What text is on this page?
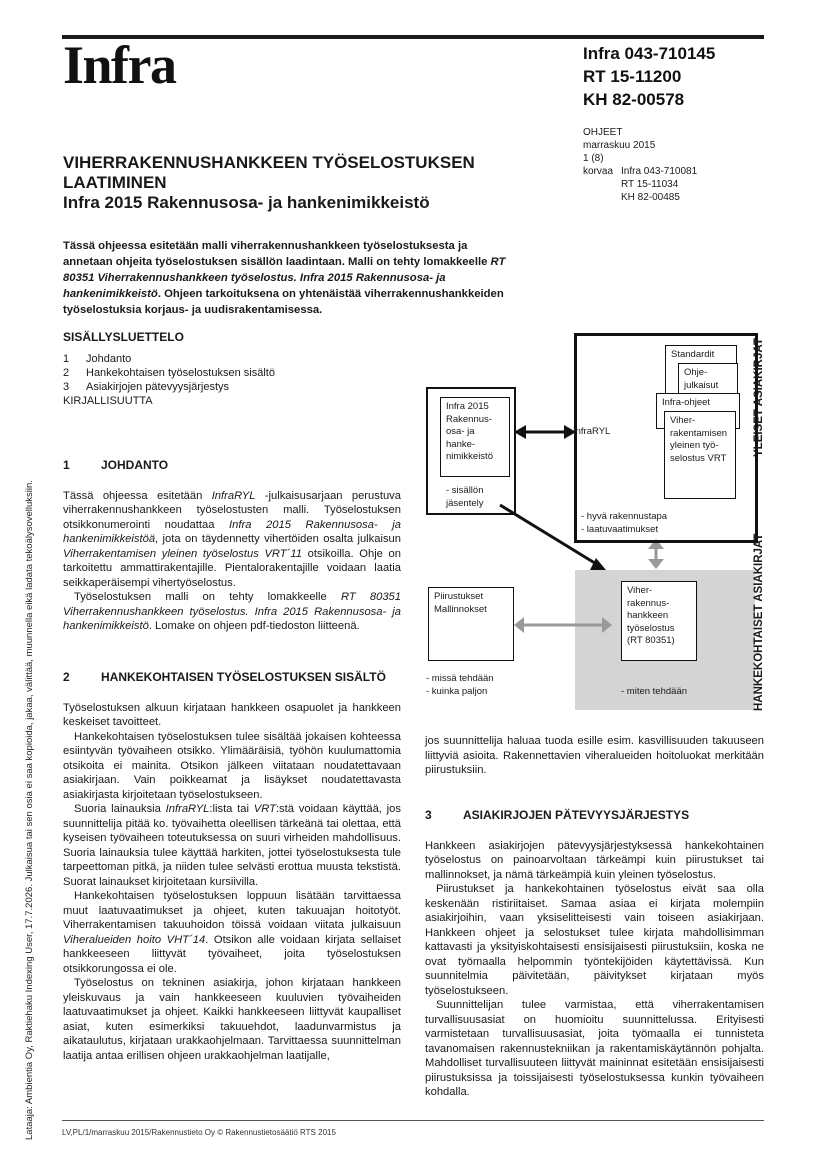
Infra	Infra 043-710145
RT 15-11200
KH 82-00578
OHJEET
marraskuu 2015
1 (8)
korvaa Infra 043-710081
RT 15-11034
KH 82-00485
VIHERRAKENNUSHANKKEEN TYÖSELOSTUKSEN
LAATIMINEN
Infra 2015 Rakennusosa- ja hankenimikkeistö
Tässä ohjeessa esitetään malli viherrakennushankkeen työselostuksesta ja annetaan ohjeita työselostuksen sisällön laadintaan. Malli on tehty lomakkeelle RT 80351 Viherrakennushankkeen työselostus. Infra 2015 Rakennusosa- ja hankenimikkeistö. Ohjeen tarkoituksena on yhtenäistää viherrakennushankkeiden työselostuksia korjaus- ja uudisrakentamisessa.
SISÄLLYSLUETTELO
1	Johdanto
2	Hankekohtaisen työselostuksen sisältö
3	Asiakirjojen pätevyysjärjestys
KIRJALLISUUTTA
Lataaja: Ambientia Oy, Raktiehaku Indexing User, 17.7.2026. Julkaisua tai sen osia ei saa kopioida, jakaa, välittää, muunnella eikä ladata tekoälysovelluksiin.
1	JOHDANTO

Tässä ohjeessa esitetään InfraRYL -julkaisusarjaan perustuva viherrakennushankkeen työselostusten malli. Työselostuksen otsikkonumerointi noudattaa Infra 2015 Rakennusosa- ja hankenimikkeistöä, jota on täydennetty vihertöiden osalta julkaisun Viherrakentamisen yleinen työselostus VRT´11 otsikoilla. Ohje on tarkoitettu ammattirakentajille. Pientalorakentajille voidaan laatia seikkaperäisempi vihertyöselostus.

Työselostuksen malli on tehty lomakkeelle RT 80351 Viherrakennushankkeen työselostus. Infra 2015 Rakennusosa- ja hankenimikkeistö. Lomake on ohjeen pdf-tiedoston liitteenä.

2	HANKEKOHTAISEN TYÖSELOSTUKSEN SISÄLTÖ

Työselostuksen alkuun kirjataan hankkeen osapuolet ja hankkeen keskeiset tavoitteet.

Hankekohtaisen työselostuksen tulee sisältää jokaisen kohteessa esiintyvän työvaiheen otsikko. Ylimääräisiä, työhön kuulumattomia otsikoita ei mainita. Otsikon jälkeen viitataan noudatettavaan asiakirjaan. Vain poikkeamat ja lisäykset noudatettavasta asiakirjasta kirjoitetaan työselostukseen.

Suoria lainauksia InfraRYL:lista tai VRT:stä voidaan käyttää, jos suunnittelija pitää ko. työvaihetta oleellisen tärkeänä tai olettaa, että kyseisen työvaiheen toteutuksessa on suuri virheiden mahdollisuus. Suoria lainauksia tulee käyttää harkiten, jottei työselostuksesta tule tarpeettoman pitkä, ja niiden tulee selvästi erottua muusta tekstistä. Suorat lainaukset kirjoitetaan kursiivilla.

Hankekohtaisen työselostuksen loppuun lisätään tarvittaessa muut laatuvaatimukset ja ohjeet, kuten takuuajan hoitotyöt. Viherrakentamisen takuuhoidon töissä voidaan viitata julkaisuun Viheralueiden hoito VHT´14. Otsikon alle voidaan kirjata sellaiset hankkeeseen liittyvät työvaiheet, joita työselostuksen otsikkorungossa ei ole.

Työselostus on tekninen asiakirja, johon kirjataan hankkeen yleiskuvaus ja vain hankkeeseen kuuluvien työvaiheiden laatuvaatimukset ja ohjeet. Kaikki hankkeeseen liittyvät kaupalliset asiat, kuten esimerkiksi takuuehdot, laadunvarmistus ja aikataulutus, kirjataan urakkaohjelmaan. Tarvittaessa suunnittelman laatija antaa erillisen ohjeen urakkaohjelman laatijalle,

jos suunnittelija haluaa tuoda esille esim. kasvillisuuden takuuseen liittyviä asioita. Rakennettavien viheralueiden hoitoluokat merkitään piirustuksiin.

3	ASIAKIRJOJEN PÄTEVYYSJÄRJESTYS

Hankkeen asiakirjojen pätevyysjärjestyksessä hankekohtainen työselostus on painoarvoltaan tärkeämpi kuin piirustukset tai mallinnokset, ja nämä tärkeämpiä kuin yleinen työselostus.

Piirustukset ja hankekohtainen työselostus eivät saa olla keskenään ristiriitaiset. Samaa asiaa ei kirjata molempiin asiakirjoihin, vaan yksiselitteisesti vain toiseen asiakirjaan. Hankkeen ohjeet ja selostukset tulee kirjata mahdollisimman kattavasti ja yksityiskohtaisesti ensisijaisesti piirustuksiin, koska ne ovat työmaalla helpommin työntekijöiden käytettävissä. Kun suunnitelmia päivitetään, päivitykset kirjataan myös työselostukseen.

Suunnittelijan tulee varmistaa, että viherrakentamisen turvallisuusasiat on huomioitu suunnittelussa. Erityisesti varmistetaan turvallisuusasiat, joita työmaalla ei tunnisteta tavanomaisen rakennustekniikan ja rakentamiskäytännön pohjalta. Mahdolliset turvallisuuteen liittyvät maininnat esitetään ensisijaisesti piirustuksissa ja toissijaisesti työselostuksessa kunkin työvaiheen kohdalla.

Infra 2015 Rakennus-osa- ja hanke-nimikkeistö
- sisällön jäsentely
InfraRYL
Standardit
Ohje-julkaisut
Infra-ohjeet
Viher-rakentamisen yleinen työ-selostus VRT
- hyvä rakennustapa
- laatuvaatimukset
Piirustukset Mallinnokset
- missä tehdään
- kuinka paljon
Viher-rakennus-hankkeen työselostus (RT 80351)
- miten tehdään
YLEISET ASIAKIRJAT
HANKEKOHTAISET ASIAKIRJAT
LV,PL/1/marraskuu 2015/Rakennustieto Oy © Rakennustietosäätiö RTS 2015
